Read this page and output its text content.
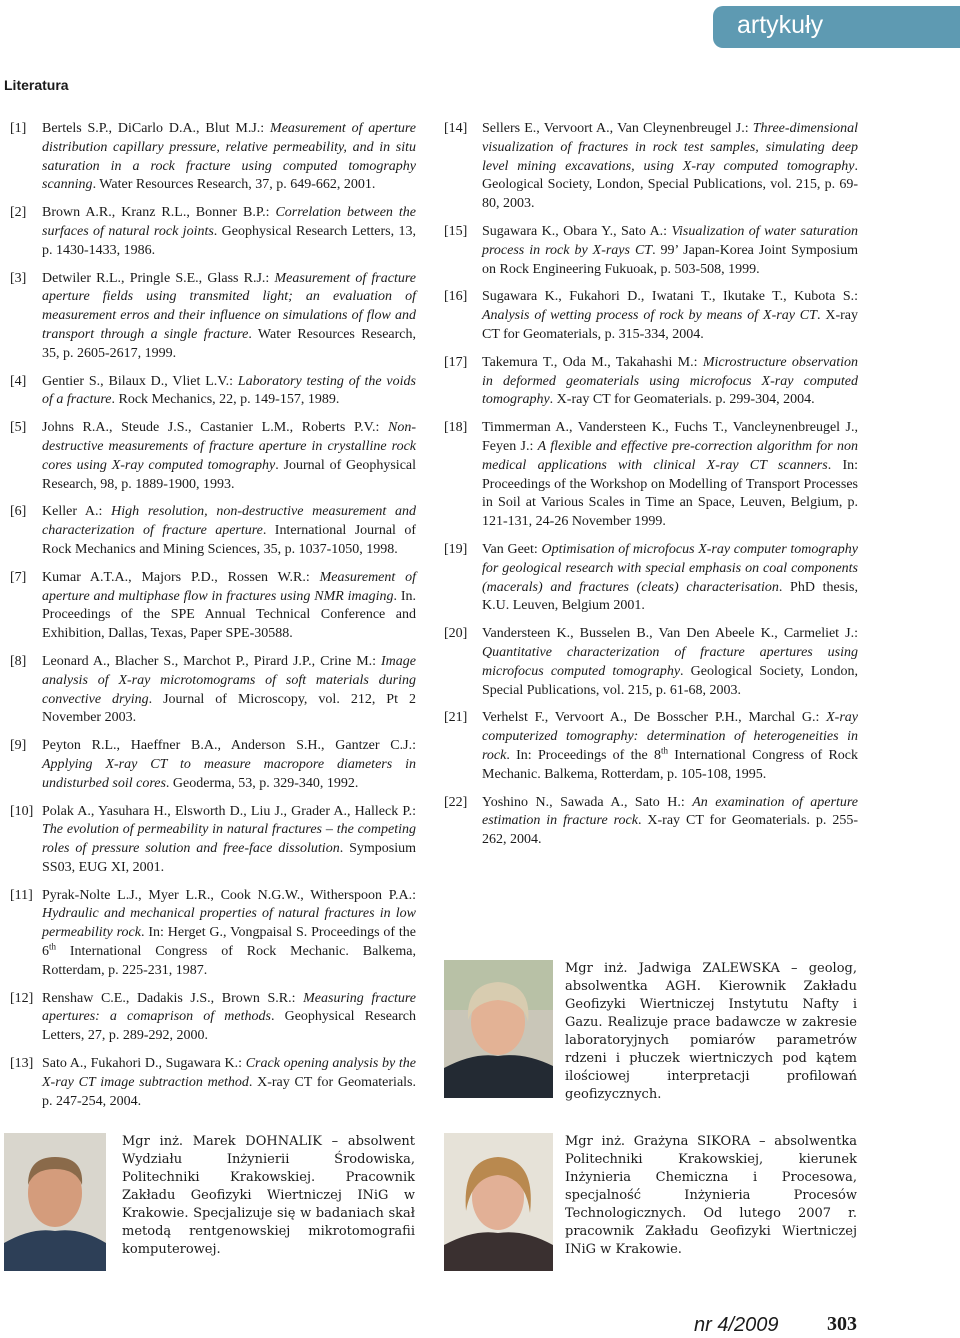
artykuły
Literatura

[1] Bertels S.P., DiCarlo D.A., Blut M.J.: Measurement of aperture distribution capillary pressure, relative permeability, and in situ saturation in a rock fracture using computed tomography scanning. Water Resources Research, 37, p. 649-662, 2001.

[2] Brown A.R., Kranz R.L., Bonner B.P.: Correlation between the surfaces of natural rock joints. Geophysical Research Letters, 13, p. 1430-1433, 1986.

[3] Detwiler R.L., Pringle S.E., Glass R.J.: Measurement of fracture aperture fields using transmited light; an evaluation of measurement erros and their influence on simulations of flow and transport through a single fracture. Water Resources Research, 35, p. 2605-2617, 1999.

[4] Gentier S., Bilaux D., Vliet L.V.: Laboratory testing of the voids of a fracture. Rock Mechanics, 22, p. 149-157, 1989.

[5] Johns R.A., Steude J.S., Castanier L.M., Roberts P.V.: Non-destructive measurements of fracture aperture in crystalline rock cores using X-ray computed tomography. Journal of Geophysical Research, 98, p. 1889-1900, 1993.

[6] Keller A.: High resolution, non-destructive measurement and characterization of fracture aperture. International Journal of Rock Mechanics and Mining Sciences, 35, p. 1037-1050, 1998.

[7] Kumar A.T.A., Majors P.D., Rossen W.R.: Measurement of aperture and multiphase flow in fractures using NMR imaging. In. Proceedings of the SPE Annual Technical Conference and Exhibition, Dallas, Texas, Paper SPE-30588.

[8] Leonard A., Blacher S., Marchot P., Pirard J.P., Crine M.: Image analysis of X-ray microtomograms of soft materials during convective drying. Journal of Microscopy, vol. 212, Pt 2 November 2003.

[9] Peyton R.L., Haeffner B.A., Anderson S.H., Gantzer C.J.: Applying X-ray CT to measure macropore diameters in undisturbed soil cores. Geoderma, 53, p. 329-340, 1992.

[10] Polak A., Yasuhara H., Elsworth D., Liu J., Grader A., Halleck P.: The evolution of permeability in natural fractures – the competing roles of pressure solution and free-face dissolution. Symposium SS03, EUG XI, 2001.

[11] Pyrak-Nolte L.J., Myer L.R., Cook N.G.W., Witherspoon P.A.: Hydraulic and mechanical properties of natural fractures in low permeability rock. In: Herget G., Vongpaisal S. Proceedings of the 6th International Congress of Rock Mechanic. Balkema, Rotterdam, p. 225-231, 1987.

[12] Renshaw C.E., Dadakis J.S., Brown S.R.: Measuring fracture apertures: a comaprison of methods. Geophysical Research Letters, 27, p. 289-292, 2000.

[13] Sato A., Fukahori D., Sugawara K.: Crack opening analysis by the X-ray CT image subtraction method. X-ray CT for Geomaterials. p. 247-254, 2004.

[14] Sellers E., Vervoort A., Van Cleynenbreugel J.: Three-dimensional visualization of fractures in rock test samples, simulating deep level mining excavations, using X-ray computed tomography. Geological Society, London, Special Publications, vol. 215, p. 69-80, 2003.

[15] Sugawara K., Obara Y., Sato A.: Visualization of water saturation process in rock by X-rays CT. 99’ Japan-Korea Joint Symposium on Rock Engineering Fukuoak, p. 503-508, 1999.

[16] Sugawara K., Fukahori D., Iwatani T., Ikutake T., Kubota S.: Analysis of wetting process of rock by means of X-ray CT. X-ray CT for Geomaterials, p. 315-334, 2004.

[17] Takemura T., Oda M., Takahashi M.: Microstructure observation in deformed geomaterials using microfocus X-ray computed tomography. X-ray CT for Geomaterials. p. 299-304, 2004.

[18] Timmerman A., Vandersteen K., Fuchs T., Vancleynenbreugel J., Feyen J.: A flexible and effective pre-correction algorithm for non medical applications with clinical X-ray CT scanners. In: Proceedings of the Workshop on Modelling of Transport Processes in Soil at Various Scales in Time an Space, Leuven, Belgium, p. 121-131, 24-26 November 1999.

[19] Van Geet: Optimisation of microfocus X-ray computer tomography for geological research with special emphasis on coal components (macerals) and fractures (cleats) characterisation. PhD thesis, K.U. Leuven, Belgium 2001.

[20] Vandersteen K., Busselen B., Van Den Abeele K., Carmeliet J.: Quantitative characterization of fracture apertures using microfocus computed tomography. Geological Society, London, Special Publications, vol. 215, p. 61-68, 2003.

[21] Verhelst F., Vervoort A., De Bosscher P.H., Marchal G.: X-ray computerized tomography: determination of heterogeneities in rock. In: Proceedings of the 8th International Congress of Rock Mechanic. Balkema, Rotterdam, p. 105-108, 1995.

[22] Yoshino N., Sawada A., Sato H.: An examination of aperture estimation in fracture rock. X-ray CT for Geomaterials. p. 255-262, 2004.

Mgr inż. Jadwiga ZALEWSKA – geolog, absolwentka AGH. Kierownik Zakładu Geofizyki Wiertniczej Instytutu Nafty i Gazu. Realizuje prace badawcze w zakresie laboratoryjnych pomiarów parametrów rdzeni i płuczek wiertniczych pod kątem ilościowej interpretacji profilowań geofizycznych.

Mgr inż. Marek DOHNALIK – absolwent Wydziału Inżynierii Środowiska, Politechniki Krakowskiej. Pracownik Zakładu Geofizyki Wiertniczej INiG w Krakowie. Specjalizuje się w badaniach skał metodą rentgenowskiej mikrotomografii komputerowej.

Mgr inż. Grażyna SIKORA – absolwentka Politechniki Krakowskiej, kierunek Inżynieria Chemiczna i Procesowa, specjalność Inżynieria Procesów Technologicznych. Od lutego 2007 r. pracownik Zakładu Geofizyki Wiertniczej INiG w Krakowie.

nr 4/2009 303
